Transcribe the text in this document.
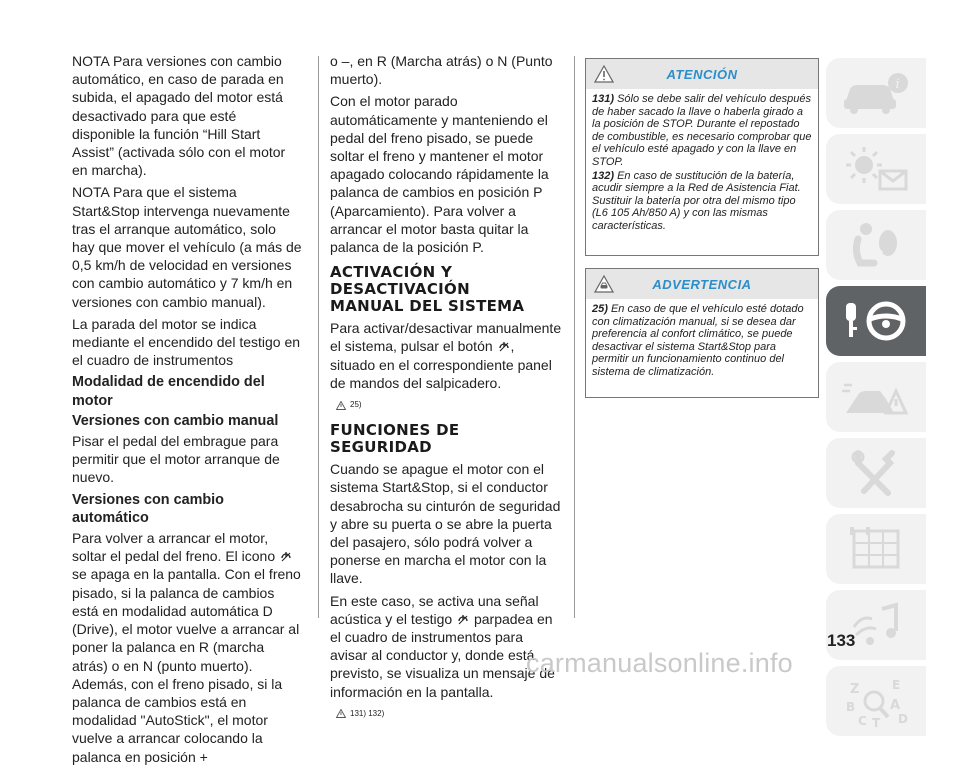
NOTA Para versiones con cambio automático, en caso de parada en subida, el apagado del motor está desactivado para que esté disponible la función “Hill Start Assist” (activada sólo con el motor en marcha).

NOTA Para que el sistema Start&Stop intervenga nuevamente tras el arranque automático, solo hay que mover el vehículo (a más de 0,5 km/h de velocidad en versiones con cambio automático y 7 km/h en versiones con cambio manual).

La parada del motor se indica mediante el encendido del testigo en el cuadro de instrumentos

Modalidad de encendido del motor
Versiones con cambio manual

Pisar el pedal del embrague para permitir que el motor arranque de nuevo.

Versiones con cambio automático

Para volver a arrancar el motor, soltar el pedal del freno. El icono  se apaga en la pantalla. Con el freno pisado, si la palanca de cambios está en modalidad automática D (Drive), el motor vuelve a arrancar al poner la palanca en R (marcha atrás) o en N (punto muerto). Además, con el freno pisado, si la palanca de cambios está en modalidad "AutoStick", el motor vuelve a arrancar colocando la palanca en posición +

o –, en R (Marcha atrás) o N (Punto muerto).

Con el motor parado automáticamente y manteniendo el pedal del freno pisado, se puede soltar el freno y mantener el motor apagado colocando rápidamente la palanca de cambios en posición P (Aparcamiento). Para volver a arrancar el motor basta quitar la palanca de la posición P.

ACTIVACIÓN Y
DESACTIVACIÓN
MANUAL DEL SISTEMA

Para activar/desactivar manualmente el sistema, pulsar el botón , situado en el correspondiente panel de mandos del salpicadero.

25)
FUNCIONES DE
SEGURIDAD

Cuando se apague el motor con el sistema Start&Stop, si el conductor desabrocha su cinturón de seguridad y abre su puerta o se abre la puerta del pasajero, sólo podrá volver a ponerse en marcha el motor con la llave.

En este caso, se activa una señal acústica y el testigo parpadea en el cuadro de instrumentos para avisar al conductor y, donde está previsto, se visualiza un mensaje de información en la pantalla.

131) 132)
ATENCIÓN

131) Sólo se debe salir del vehículo después de haber sacado la llave o haberla girado a la posición de STOP. Durante el repostado de combustible, es necesario comprobar que el vehículo esté apagado y con la llave en STOP.

132) En caso de sustitución de la batería, acudir siempre a la Red de Asistencia Fiat. Sustituir la batería por otra del mismo tipo (L6 105 Ah/850 A) y con las mismas características.

ADVERTENCIA

25) En caso de que el vehículo esté dotado con climatización manual, si se desea dar preferencia al confort climático, se puede desactivar el sistema Start&Stop para permitir un funcionamiento continuo del sistema de climatización.

i
Z	E
B	A
C T D
133
carmanualsonline.info
